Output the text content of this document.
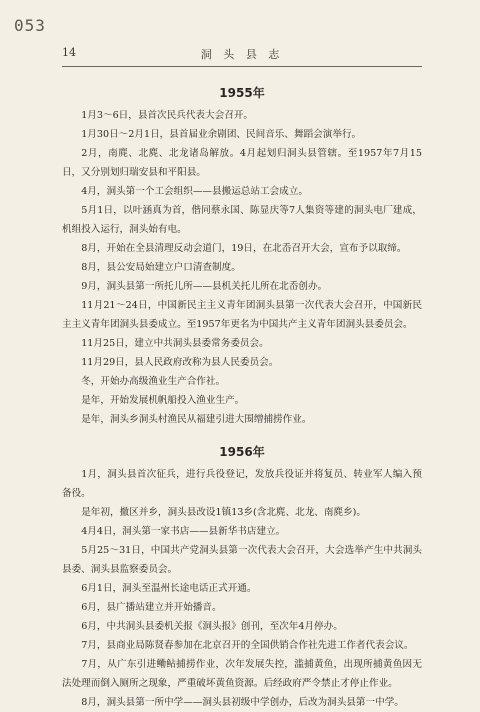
053
14	洞 头 县 志
1955年

1月3～6日，县首次民兵代表大会召开。

1月30日～2月1日，县首届业余剧团、民间音乐、舞蹈会演举行。

2月，南麂、北麂、北龙诸岛解放。4月起划归洞头县管辖。至1957年7月15日，又分别划归瑞安县和平阳县。

4月，洞头第一个工会组织——县搬运总站工会成立。

5月1日，以叶涵真为首，偕同蔡永国、陈显庆等7人集资等建的洞头电厂建成，机组投入运行，洞头始有电。

8月，开始在全县清理反动会道门，19日，在北岙召开大会，宣布予以取缔。

8月，县公安局始建立户口清查制度。

9月，洞头县第一所托儿所——县机关托儿所在北岙创办。

11月21～24日，中国新民主主义青年团洞头县第一次代表大会召开，中国新民主主义青年团洞头县委成立。至1957年更名为中国共产主义青年团洞头县委员会。

11月25日，建立中共洞头县委常务委员会。

11月29日，县人民政府改称为县人民委员会。

冬，开始办高级渔业生产合作社。

是年，开始发展机帆船投入渔业生产。

是年，洞头乡洞头村渔民从福建引进大围缯捕捞作业。

1956年

1月，洞头县首次征兵，进行兵役登记，发放兵役证并将复员、转业军人编入预备役。

是年初，撤区并乡，洞头县改设1镇13乡(含北麂、北龙、南麂乡)。

4月4日，洞头第一家书店——县新华书店建立。

5月25～31日，中国共产党洞头县第一次代表大会召开，大会选举产生中共洞头县委、洞头县监察委员会。

6月1日，洞头至温州长途电话正式开通。

6月，县广播站建立并开始播音。

6月，中共洞头县委机关报《洞头报》创刊，至次年4月停办。

7月，县商业局陈贤春参加在北京召开的全国供销合作社先进工作者代表会议。

7月，从广东引进鳓鲇捕捞作业，次年发展失控，滥捕黄鱼，出现所捕黄鱼因无法处理而倒入厕所之现象，严重破坏黄鱼资源。后经政府严令禁止才停止作业。

8月，洞头县第一所中学——洞头县初级中学创办，后改为洞头县第一中学。
